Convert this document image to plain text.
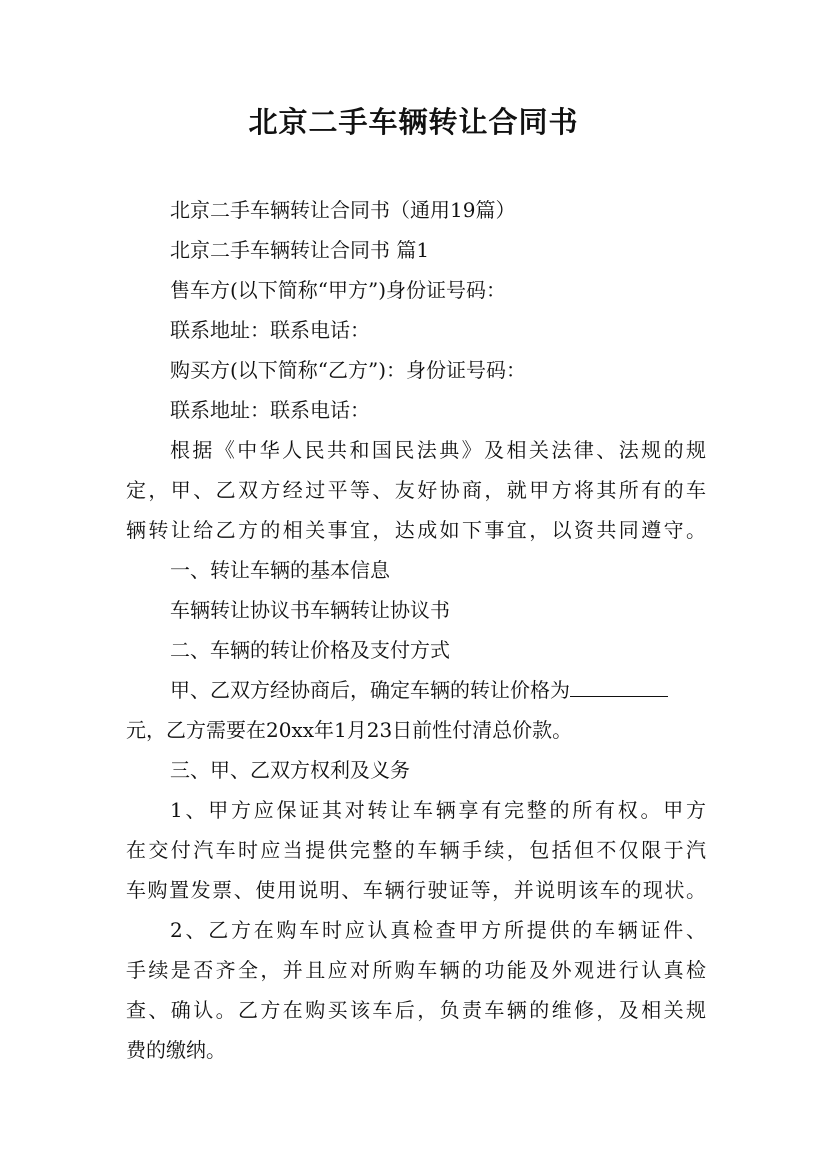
北京二手车辆转让合同书
北京二手车辆转让合同书（通用19篇）
北京二手车辆转让合同书 篇1
售车方(以下简称“甲方”)身份证号码：
联系地址：联系电话：
购买方(以下简称“乙方”)：身份证号码：
联系地址：联系电话：
根据《中华人民共和国民法典》及相关法律、法规的规
定，甲、乙双方经过平等、友好协商，就甲方将其所有的车
辆转让给乙方的相关事宜，达成如下事宜，以资共同遵守。
一、转让车辆的基本信息
车辆转让协议书车辆转让协议书
二、车辆的转让价格及支付方式
甲、乙双方经协商后，确定车辆的转让价格为
元，乙方需要在20xx年1月23日前性付清总价款。
三、甲、乙双方权利及义务
1、甲方应保证其对转让车辆享有完整的所有权。甲方
在交付汽车时应当提供完整的车辆手续，包括但不仅限于汽
车购置发票、使用说明、车辆行驶证等，并说明该车的现状。
2、乙方在购车时应认真检查甲方所提供的车辆证件、
手续是否齐全，并且应对所购车辆的功能及外观进行认真检
查、确认。乙方在购买该车后，负责车辆的维修，及相关规
费的缴纳。
